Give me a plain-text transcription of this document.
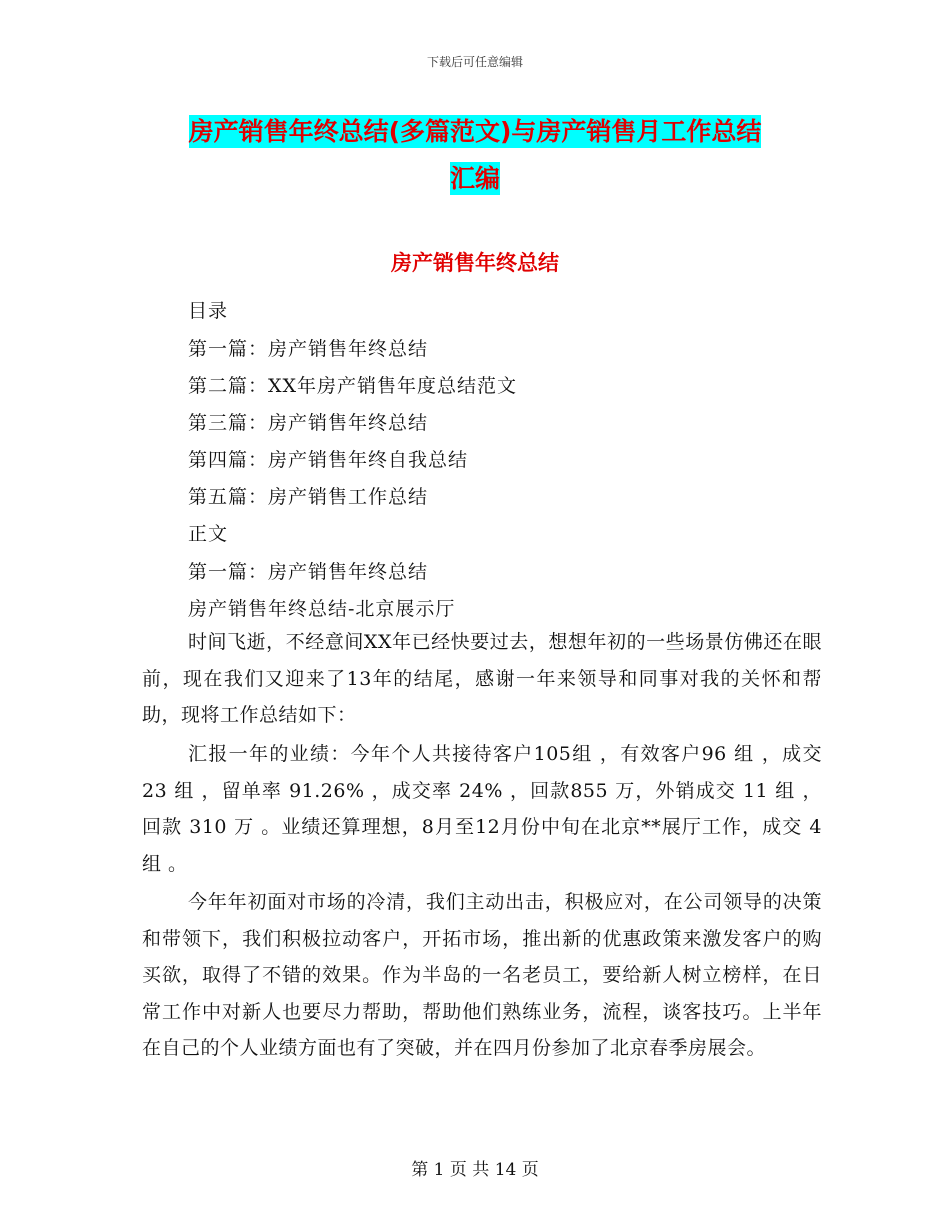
下载后可任意编辑
房产销售年终总结(多篇范文)与房产销售月工作总结
汇编
房产销售年终总结
目录
第一篇：房产销售年终总结
第二篇：XX年房产销售年度总结范文
第三篇：房产销售年终总结
第四篇：房产销售年终自我总结
第五篇：房产销售工作总结
正文
第一篇：房产销售年终总结
房产销售年终总结-北京展示厅
时间飞逝，不经意间XX年已经快要过去，想想年初的一些场景仿佛还在眼前，现在我们又迎来了13年的结尾，感谢一年来领导和同事对我的关怀和帮助，现将工作总结如下：
汇报一年的业绩：今年个人共接待客户105组 ，有效客户96 组 ，成交23 组 ，留单率 91.26% ，成交率 24% ，回款855 万，外销成交 11 组 ，回款 310 万 。业绩还算理想，8月至12月份中旬在北京**展厅工作，成交 4 组 。
今年年初面对市场的冷清，我们主动出击，积极应对，在公司领导的决策和带领下，我们积极拉动客户，开拓市场，推出新的优惠政策来激发客户的购买欲，取得了不错的效果。作为半岛的一名老员工，要给新人树立榜样，在日常工作中对新人也要尽力帮助，帮助他们熟练业务，流程，谈客技巧。上半年在自己的个人业绩方面也有了突破，并在四月份参加了北京春季房展会。
第 1 页 共 14 页
